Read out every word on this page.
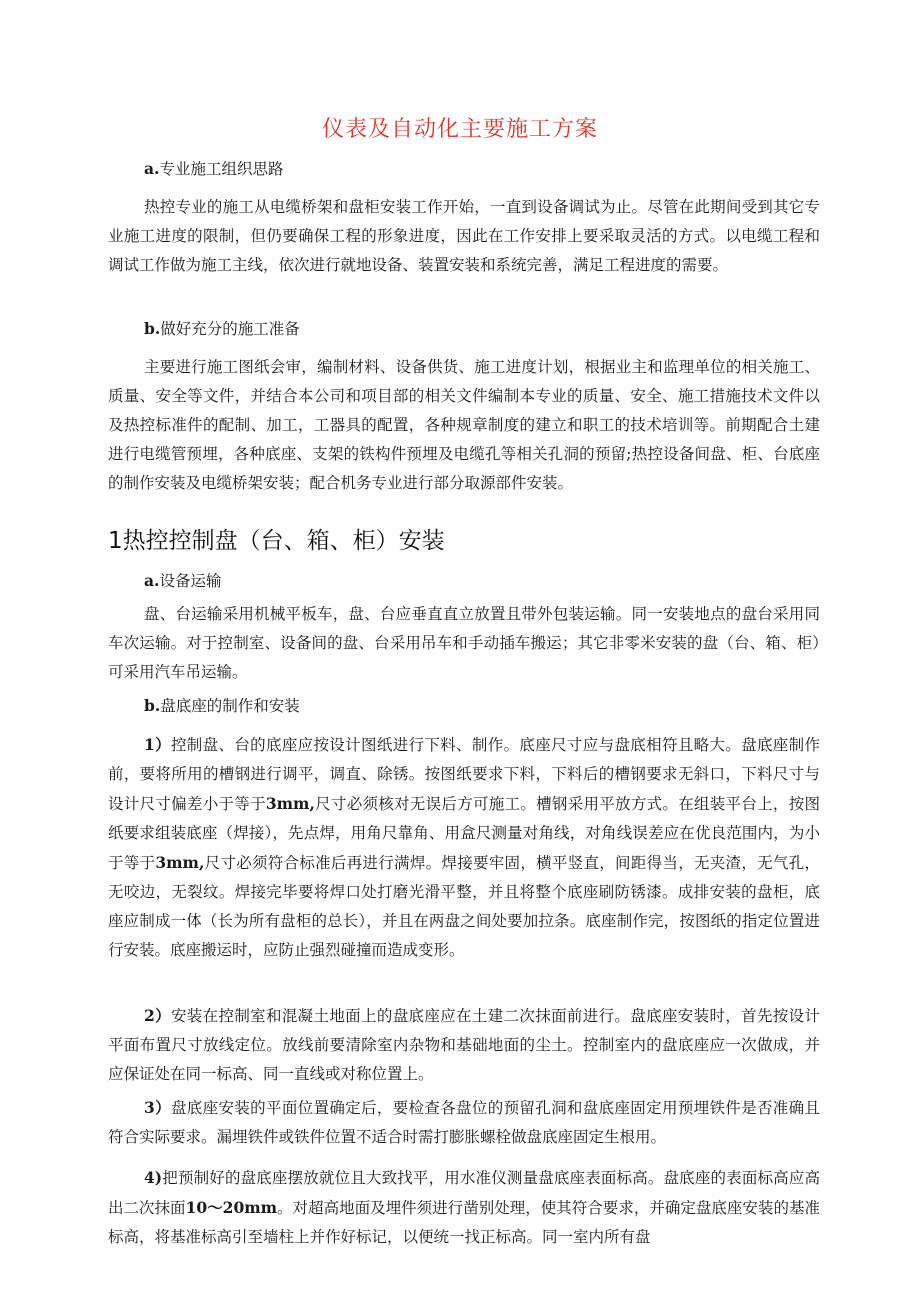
仪表及自动化主要施工方案
a.专业施工组织思路
热控专业的施工从电缆桥架和盘柜安装工作开始，一直到设备调试为止。尽管在此期间受到其它专业施工进度的限制，但仍要确保工程的形象进度，因此在工作安排上要采取灵活的方式。以电缆工程和调试工作做为施工主线，依次进行就地设备、装置安装和系统完善，满足工程进度的需要。
b.做好充分的施工准备
主要进行施工图纸会审，编制材料、设备供货、施工进度计划，根据业主和监理单位的相关施工、质量、安全等文件，并结合本公司和项目部的相关文件编制本专业的质量、安全、施工措施技术文件以及热控标准件的配制、加工，工器具的配置，各种规章制度的建立和职工的技术培训等。前期配合土建进行电缆管预埋，各种底座、支架的铁构件预埋及电缆孔等相关孔洞的预留;热控设备间盘、柜、台底座的制作安装及电缆桥架安装；配合机务专业进行部分取源部件安装。
1热控控制盘（台、箱、柜）安装
a.设备运输
盘、台运输采用机械平板车，盘、台应垂直直立放置且带外包装运输。同一安装地点的盘台采用同车次运输。对于控制室、设备间的盘、台采用吊车和手动插车搬运；其它非零米安装的盘（台、箱、柜）可采用汽车吊运输。
b.盘底座的制作和安装
1）控制盘、台的底座应按设计图纸进行下料、制作。底座尺寸应与盘底相符且略大。盘底座制作前，要将所用的槽钢进行调平，调直、除锈。按图纸要求下料，下料后的槽钢要求无斜口，下料尺寸与设计尺寸偏差小于等于3mm,尺寸必须核对无误后方可施工。槽钢采用平放方式。在组装平台上，按图纸要求组装底座（焊接），先点焊，用角尺靠角、用盒尺测量对角线，对角线误差应在优良范围内，为小于等于3mm,尺寸必须符合标准后再进行满焊。焊接要牢固，横平竖直，间距得当，无夹渣，无气孔，无咬边，无裂纹。焊接完毕要将焊口处打磨光滑平整，并且将整个底座刷防锈漆。成排安装的盘柜，底座应制成一体（长为所有盘柜的总长），并且在两盘之间处要加拉条。底座制作完，按图纸的指定位置进行安装。底座搬运时，应防止强烈碰撞而造成变形。
2）安装在控制室和混凝土地面上的盘底座应在土建二次抹面前进行。盘底座安装时，首先按设计平面布置尺寸放线定位。放线前要清除室内杂物和基础地面的尘土。控制室内的盘底座应一次做成，并应保证处在同一标高、同一直线或对称位置上。
3）盘底座安装的平面位置确定后，要检查各盘位的预留孔洞和盘底座固定用预埋铁件是否准确且符合实际要求。漏埋铁件或铁件位置不适合时需打膨胀螺栓做盘底座固定生根用。
4)把预制好的盘底座摆放就位且大致找平，用水准仪测量盘底座表面标高。盘底座的表面标高应高出二次抹面10～20mm。对超高地面及埋件须进行凿别处理，使其符合要求，并确定盘底座安装的基准标高，将基准标高引至墙柱上并作好标记，以便统一找正标高。同一室内所有盘
